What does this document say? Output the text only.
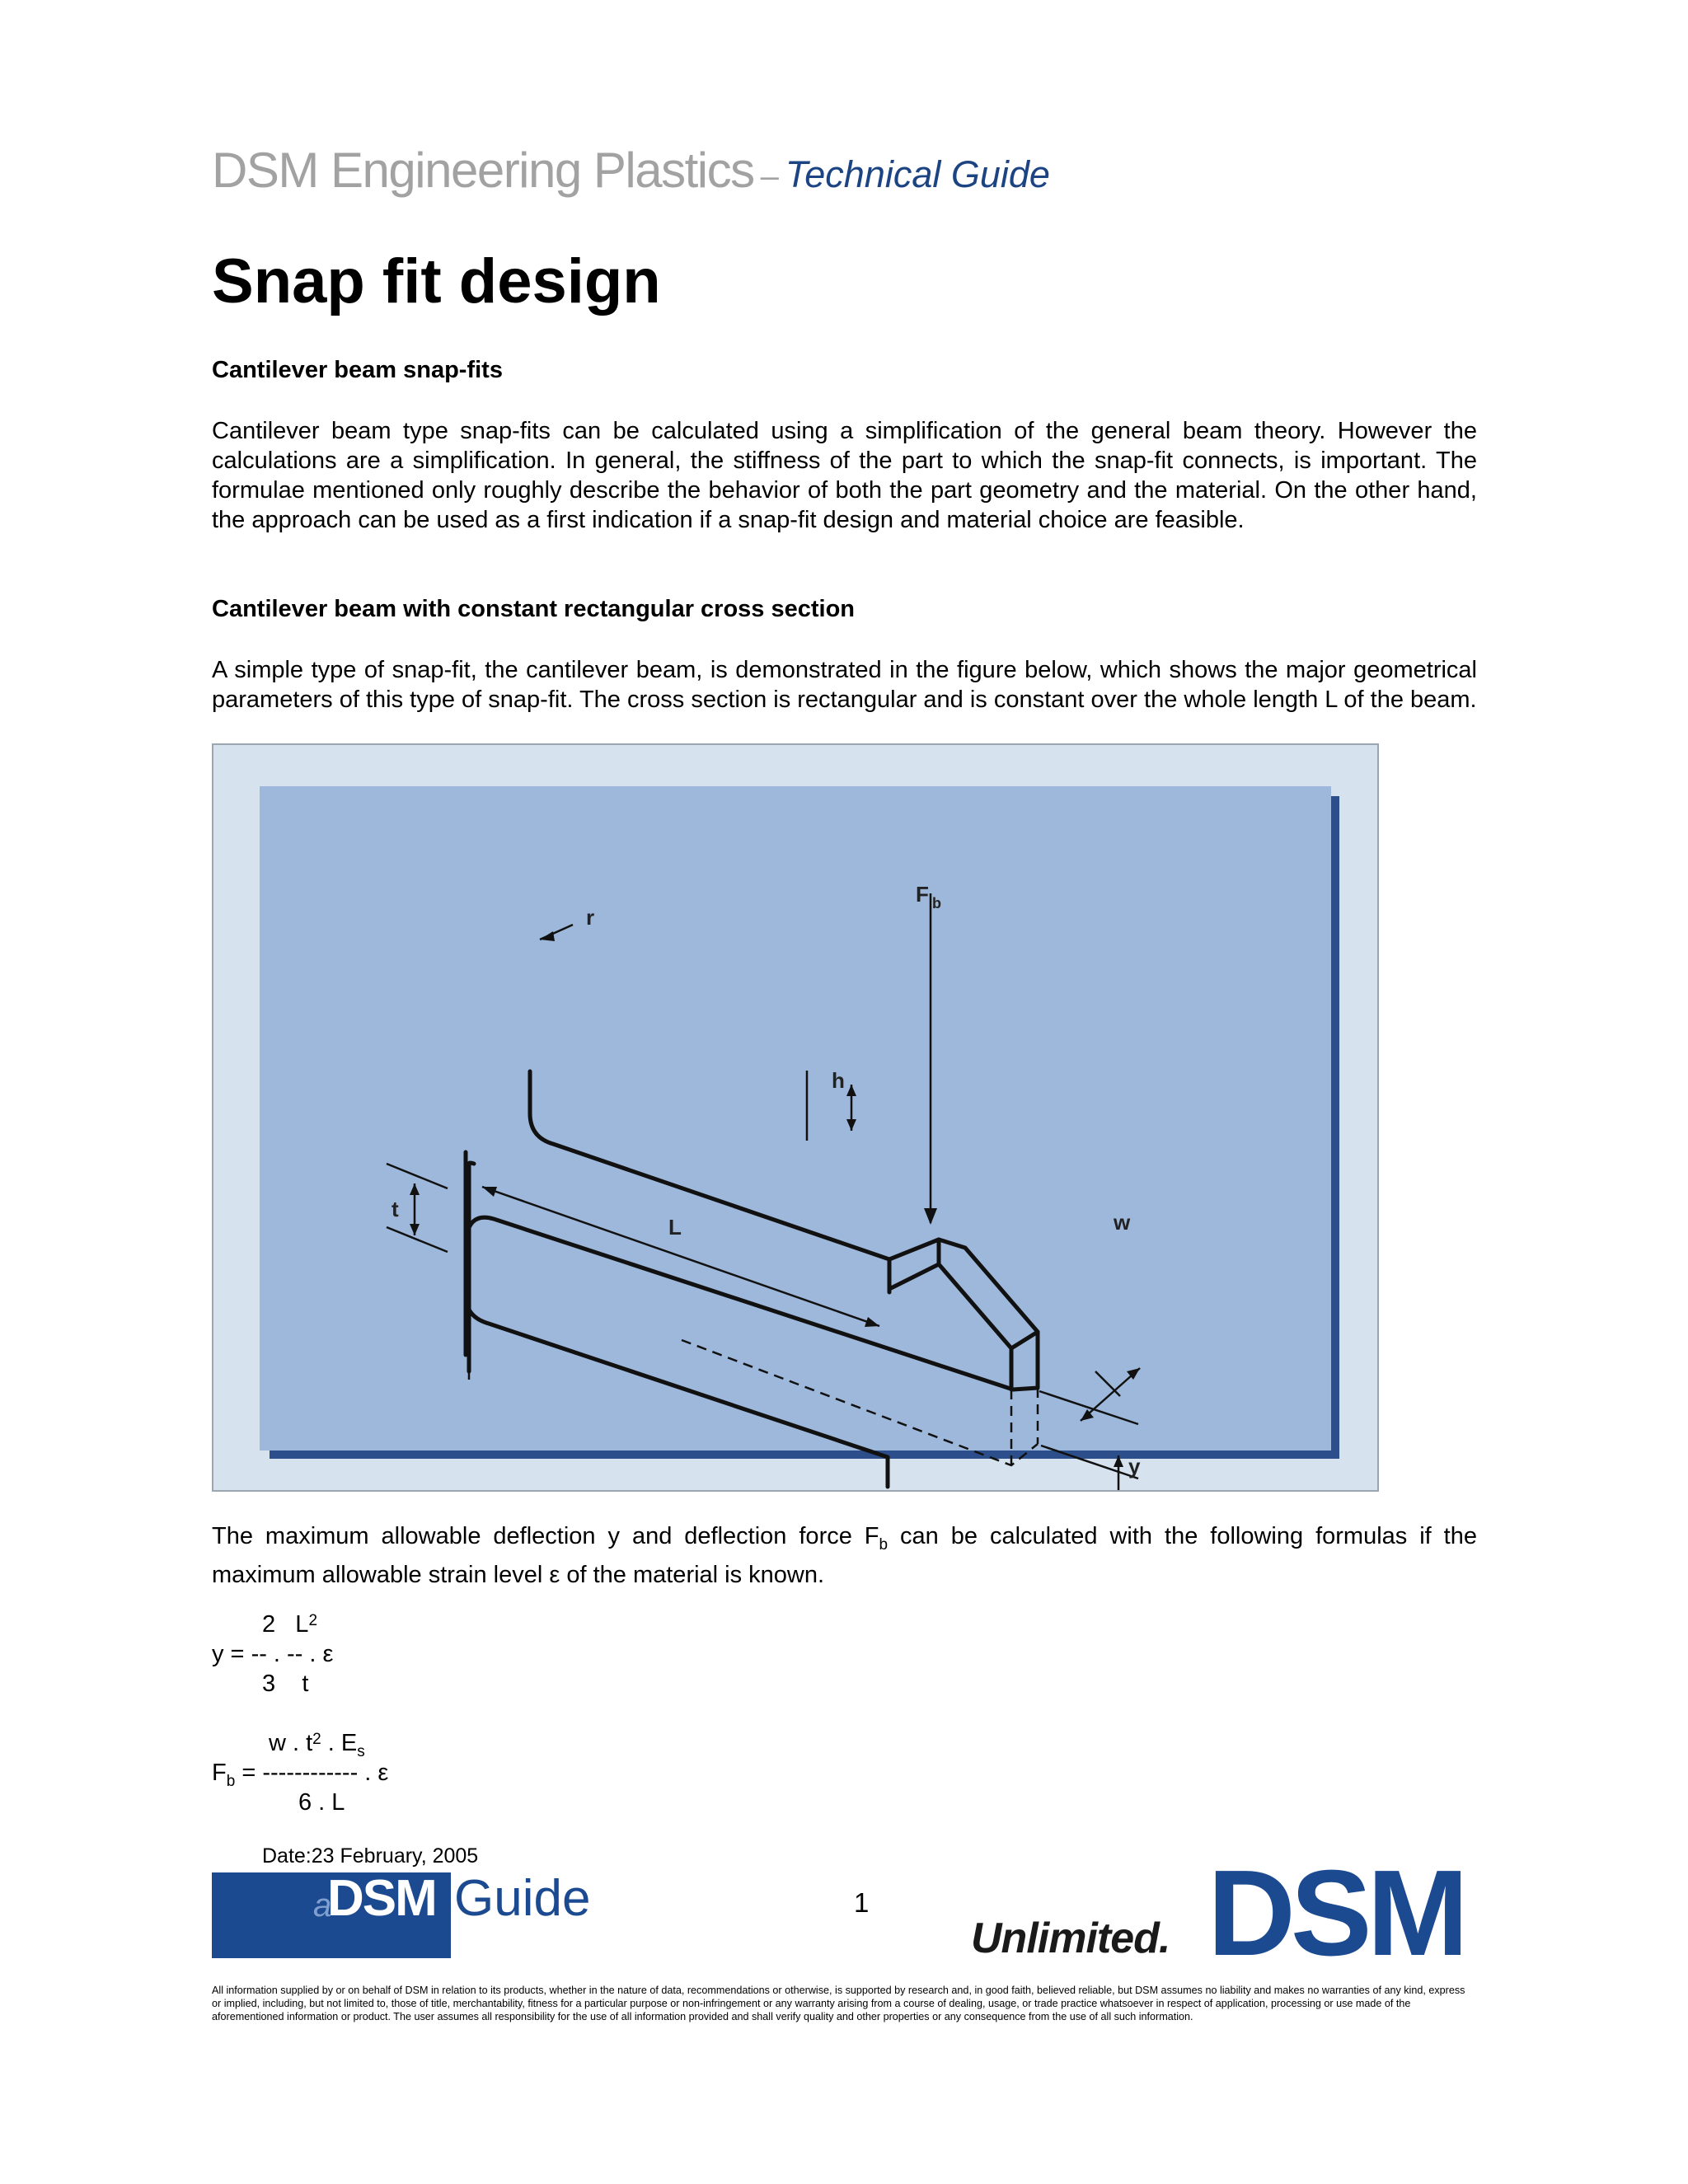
DSM Engineering Plastics – Technical Guide
Snap fit design
Cantilever beam snap-fits

Cantilever beam type snap-fits can be calculated using a simplification of the general beam theory. However the calculations are a simplification. In general, the stiffness of the part to which the snap-fit connects, is important. The formulae mentioned only roughly describe the behavior of both the part geometry and the material. On the other hand, the approach can be used as a first indication if a snap-fit design and material choice are feasible.

Cantilever beam with constant rectangular cross section

A simple type of snap-fit, the cantilever beam, is demonstrated in the figure below, which shows the major geometrical parameters of this type of snap-fit. The cross section is rectangular and is constant over the whole length L of the beam.

r
t
h
F b
L	w
y

The maximum allowable deflection y and deflection force $F_b$ can be calculated with the following formulas if the maximum allowable strain level ε of the material is known.

2   $L^2$
y = -- . -- . ε
3    t
w . $t^2$ . $E_s$
$F_b$ = ------------ . ε
6 . L
Date:23 February, 2005
a
DSM Guide	1
Unlimited. DSM

All information supplied by or on behalf of DSM in relation to its products, whether in the nature of data, recommendations or otherwise, is supported by research and, in good faith, believed reliable, but DSM assumes no liability and makes no warranties of any kind, express or implied, including, but not limited to, those of title, merchantability, fitness for a particular purpose or non-infringement or any warranty arising from a course of dealing, usage, or trade practice whatsoever in respect of application, processing or use made of the aforementioned information or product. The user assumes all responsibility for the use of all information provided and shall verify quality and other properties or any consequence from the use of all such information.
